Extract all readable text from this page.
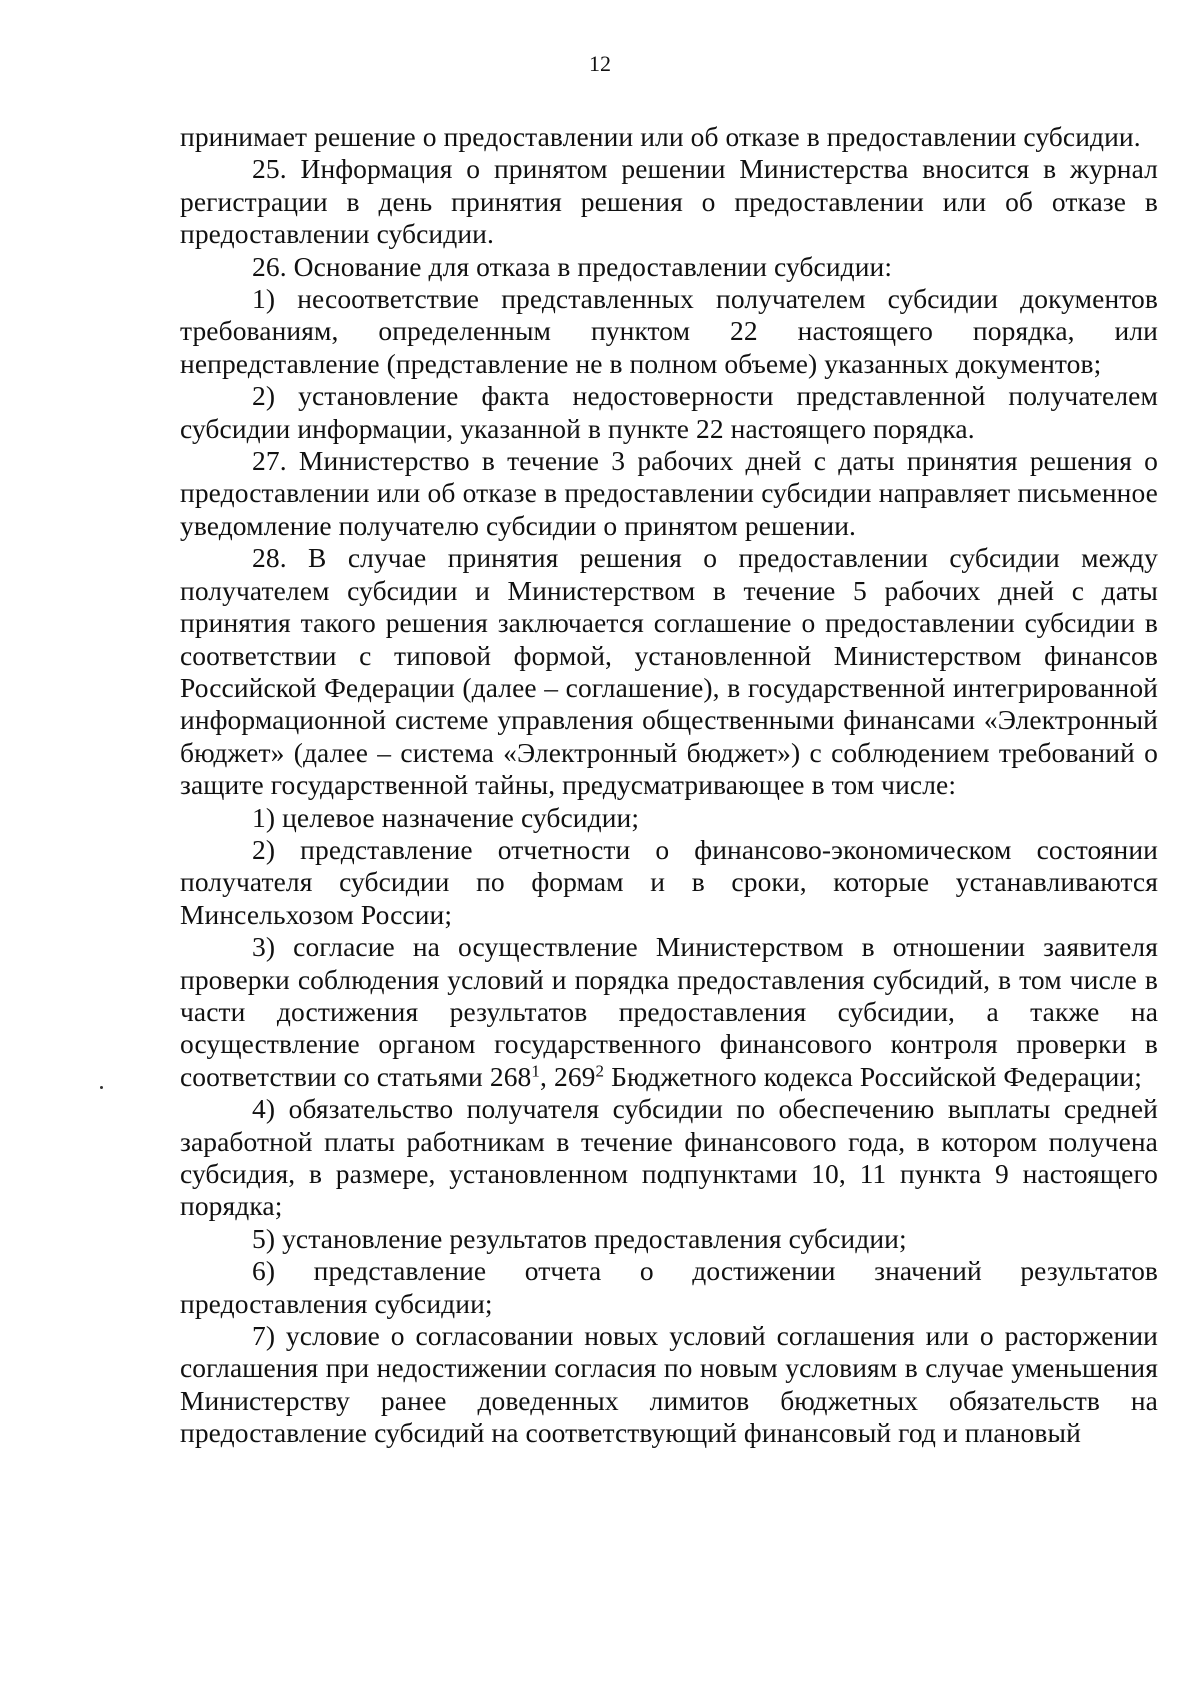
12

принимает решение о предоставлении или об отказе в предоставлении субсидии.

25. Информация о принятом решении Министерства вносится в журнал регистрации в день принятия решения о предоставлении или об отказе в предоставлении субсидии.

26. Основание для отказа в предоставлении субсидии:

1) несоответствие представленных получателем субсидии документов требованиям, определенным пунктом 22 настоящего порядка, или непредставление (представление не в полном объеме) указанных документов;

2) установление факта недостоверности представленной получателем субсидии информации, указанной в пункте 22 настоящего порядка.

27. Министерство в течение 3 рабочих дней с даты принятия решения о предоставлении или об отказе в предоставлении субсидии направляет письменное уведомление получателю субсидии о принятом решении.

28. В случае принятия решения о предоставлении субсидии между получателем субсидии и Министерством в течение 5 рабочих дней с даты принятия такого решения заключается соглашение о предоставлении субсидии в соответствии с типовой формой, установленной Министерством финансов Российской Федерации (далее – соглашение), в государственной интегрированной информационной системе управления общественными финансами «Электронный бюджет» (далее – система «Электронный бюджет») с соблюдением требований о защите государственной тайны, предусматривающее в том числе:

1) целевое назначение субсидии;

2) представление отчетности о финансово-экономическом состоянии получателя субсидии по формам и в сроки, которые устанавливаются Минсельхозом России;

3) согласие на осуществление Министерством в отношении заявителя проверки соблюдения условий и порядка предоставления субсидий, в том числе в части достижения результатов предоставления субсидии, а также на осуществление органом государственного финансового контроля проверки в соответствии со статьями $268^1$, $269^2$ Бюджетного кодекса Российской Федерации;

4) обязательство получателя субсидии по обеспечению выплаты средней заработной платы работникам в течение финансового года, в котором получена субсидия, в размере, установленном подпунктами 10, 11 пункта 9 настоящего порядка;

5) установление результатов предоставления субсидии;

6) представление отчета о достижении значений результатов предоставления субсидии;

7) условие о согласовании новых условий соглашения или о расторжении соглашения при недостижении согласия по новым условиям в случае уменьшения Министерству ранее доведенных лимитов бюджетных обязательств на предоставление субсидий на соответствующий финансовый год и плановый
